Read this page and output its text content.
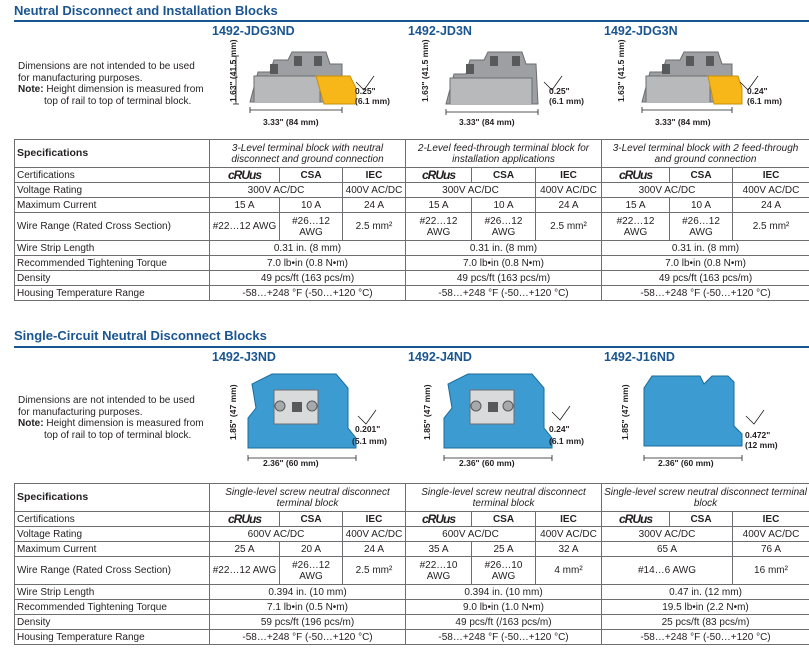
Neutral Disconnect and Installation Blocks
1492-JDG3ND	1492-JD3N	1492-JDG3N
Dimensions are not intended to be used for manufacturing purposes.
Note: Height dimension is measured from top of rail to top of terminal block.	1.63" (41.5 mm)
3.33" (84 mm)
0.25"
(6.1 mm)	1.63" (41.5 mm)
3.33" (84 mm)
0.25"
(6.1 mm)	1.63" (41.5 mm)
3.33" (84 mm)
0.24"
(6.1 mm)
Specifications	3-Level terminal block with neutral disconnect and ground connection			2-Level feed-through terminal block for installation applications			3-Level terminal block with 2 feed-through and ground connection		
Certifications	cRUus	CSA	IEC	cRUus	CSA	IEC	cRUus	CSA	IEC
Voltage Rating	300V AC/DC		400V AC/DC	300V AC/DC		400V AC/DC	300V AC/DC		400V AC/DC
Maximum Current	15 A	10 A	24 A	15 A	10 A	24 A	15 A	10 A	24 A
Wire Range (Rated Cross Section)	#22…12 AWG	#26…12 AWG	2.5 mm²	#22…12 AWG	#26…12 AWG	2.5 mm²	#22…12 AWG	#26…12 AWG	2.5 mm²
Wire Strip Length	0.31 in. (8 mm)			0.31 in. (8 mm)			0.31 in. (8 mm)		
Recommended Tightening Torque	7.0 lb•in (0.8 N•m)			7.0 lb•in (0.8 N•m)			7.0 lb•in (0.8 N•m)		
Density	49 pcs/ft (163 pcs/m)			49 pcs/ft (163 pcs/m)			49 pcs/ft (163 pcs/m)		
Housing Temperature Range	-58…+248 °F (-50…+120 °C)			-58…+248 °F (-50…+120 °C)			-58…+248 °F (-50…+120 °C)		
Single-Circuit Neutral Disconnect Blocks
1492-J3ND	1492-J4ND	1492-J16ND
Dimensions are not intended to be used for manufacturing purposes.
Note: Height dimension is measured from top of rail to top of terminal block.	1.85" (47 mm)
2.36" (60 mm)
0.201"
(5.1 mm)
1.85" (47 mm)
2.36" (60 mm)
0.24"
(6.1 mm)
1.85" (47 mm)
2.36" (60 mm)
0.472"
(12 mm)
Specifications	Single-level screw neutral disconnect terminal block			Single-level screw neutral disconnect terminal block			Single-level screw neutral disconnect terminal block		
Certifications	cRUus	CSA	IEC	cRUus	CSA	IEC	cRUus	CSA	IEC
Voltage Rating	600V AC/DC		400V AC/DC	600V AC/DC		400V AC/DC	300V AC/DC		400V AC/DC
Maximum Current	25 A	20 A	24 A	35 A	25 A	32 A	65 A		76 A
Wire Range (Rated Cross Section)	#22…12 AWG	#26…12 AWG	2.5 mm²	#22…10 AWG	#26…10 AWG	4 mm²	#14…6 AWG		16 mm²
Wire Strip Length	0.394 in. (10 mm)			0.394 in. (10 mm)			0.47 in. (12 mm)		
Recommended Tightening Torque	7.1 lb•in (0.5 N•m)			9.0 lb•in (1.0 N•m)			19.5 lb•in (2.2 N•m)		
Density	59 pcs/ft (196 pcs/m)			49 pcs/ft (/163 pcs/m)			25 pcs/ft (83 pcs/m)		
Housing Temperature Range	-58…+248 °F (-50…+120 °C)			-58…+248 °F (-50…+120 °C)			-58…+248 °F (-50…+120 °C)		
